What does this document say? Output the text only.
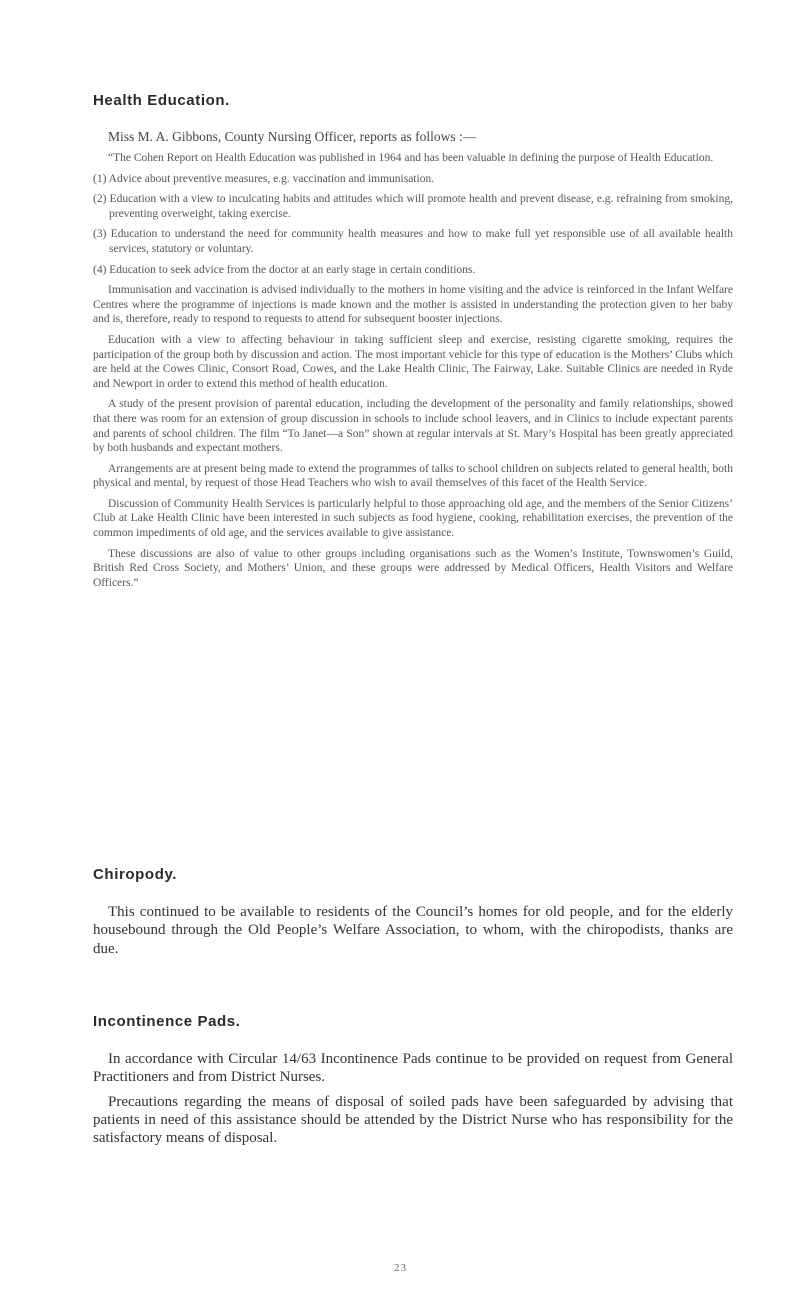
Health Education.

Miss M. A. Gibbons, County Nursing Officer, reports as follows :—

“The Cohen Report on Health Education was published in 1964 and has been valuable in defining the purpose of Health Education.

(1) Advice about preventive measures, e.g. vaccination and immunisation.

(2) Education with a view to inculcating habits and attitudes which will promote health and prevent disease, e.g. refraining from smoking, preventing overweight, taking exercise.

(3) Education to understand the need for community health measures and how to make full yet responsible use of all available health services, statutory or voluntary.

(4) Education to seek advice from the doctor at an early stage in certain conditions.

Immunisation and vaccination is advised individually to the mothers in home visiting and the advice is reinforced in the Infant Welfare Centres where the programme of injections is made known and the mother is assisted in understanding the protection given to her baby and is, therefore, ready to respond to requests to attend for subsequent booster injections.

Education with a view to affecting behaviour in taking sufficient sleep and exercise, resisting cigarette smoking, requires the participation of the group both by discussion and action. The most important vehicle for this type of education is the Mothers’ Clubs which are held at the Cowes Clinic, Consort Road, Cowes, and the Lake Health Clinic, The Fairway, Lake. Suitable Clinics are needed in Ryde and Newport in order to extend this method of health education.

A study of the present provision of parental education, including the development of the personality and family relationships, showed that there was room for an extension of group discussion in schools to include school leavers, and in Clinics to include expectant parents and parents of school children. The film “To Janet—a Son” shown at regular intervals at St. Mary’s Hospital has been greatly appreciated by both husbands and expectant mothers.

Arrangements are at present being made to extend the programmes of talks to school children on subjects related to general health, both physical and mental, by request of those Head Teachers who wish to avail themselves of this facet of the Health Service.

Discussion of Community Health Services is particularly helpful to those approaching old age, and the members of the Senior Citizens’ Club at Lake Health Clinic have been interested in such subjects as food hygiene, cooking, rehabilitation exercises, the prevention of the common impediments of old age, and the services available to give assistance.

These discussions are also of value to other groups including organisations such as the Women’s Institute, Townswomen’s Guild, British Red Cross Society, and Mothers’ Union, and these groups were addressed by Medical Officers, Health Visitors and Welfare Officers.”

Chiropody.

This continued to be available to residents of the Council’s homes for old people, and for the elderly housebound through the Old People’s Welfare Association, to whom, with the chiropodists, thanks are due.

Incontinence Pads.

In accordance with Circular 14/63 Incontinence Pads continue to be provided on request from General Practitioners and from District Nurses.

Precautions regarding the means of disposal of soiled pads have been safeguarded by advising that patients in need of this assistance should be attended by the District Nurse who has responsibility for the satisfactory means of disposal.

23
